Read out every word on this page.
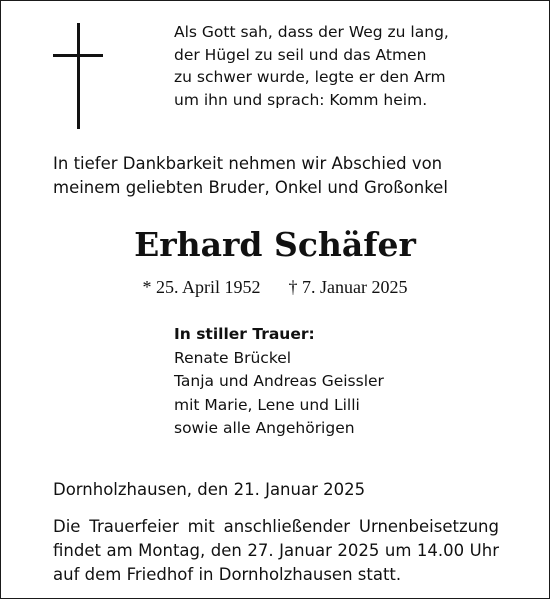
Als Gott sah, dass der Weg zu lang,
der Hügel zu seil und das Atmen
zu schwer wurde, legte er den Arm
um ihn und sprach: Komm heim.
In tiefer Dankbarkeit nehmen wir Abschied von
meinem geliebten Bruder, Onkel und Großonkel
Erhard Schäfer
* 25. April 1952 † 7. Januar 2025
In stiller Trauer:
Renate Brückel
Tanja und Andreas Geissler
mit Marie, Lene und Lilli
sowie alle Angehörigen
Dornholzhausen, den 21. Januar 2025
Die Trauerfeier mit anschließender Urnenbeisetzung
findet am Montag, den 27. Januar 2025 um 14.00 Uhr
auf dem Friedhof in Dornholzhausen statt.
